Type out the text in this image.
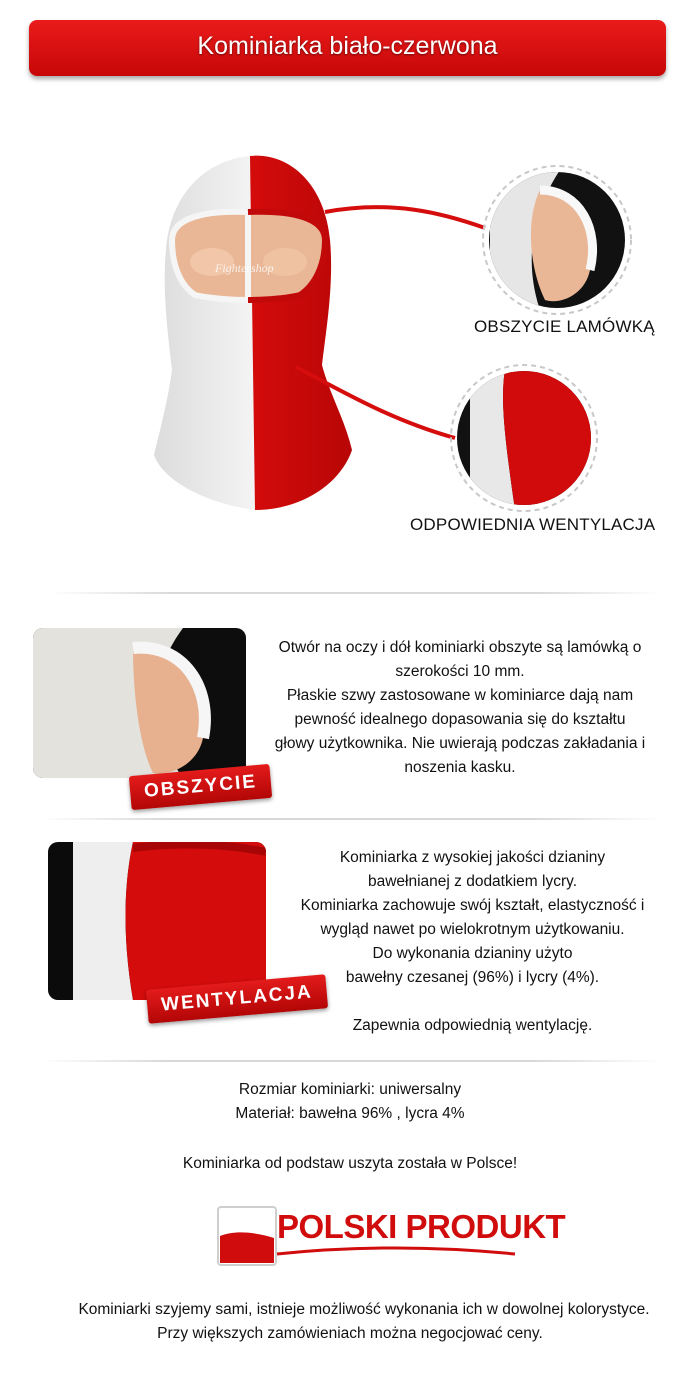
Kominiarka biało-czerwona
Fightershop
OBSZYCIE LAMÓWKĄ
ODPOWIEDNIA WENTYLACJA
OBSZYCIE

Otwór na oczy i dół kominiarki obszyte są lamówką o

szerokości 10 mm.

Płaskie szwy zastosowane w kominiarce dają nam

pewność idealnego dopasowania się do kształtu

głowy użytkownika. Nie uwierają podczas zakładania i

noszenia kasku.

WENTYLACJA

Kominiarka z wysokiej jakości dzianiny

bawełnianej z dodatkiem lycry.

Kominiarka zachowuje swój kształt, elastyczność i

wygląd nawet po wielokrotnym użytkowaniu.

Do wykonania dzianiny użyto

bawełny czesanej (96%) i lycry (4%).

Zapewnia odpowiednią wentylację.

Rozmiar kominiarki: uniwersalny
Materiał: bawełna 96% , lycra 4%
Kominiarka od podstaw uszyta została w Polsce!
POLSKI PRODUKT
Kominiarki szyjemy sami, istnieje możliwość wykonania ich w dowolnej kolorystyce.
Przy większych zamówieniach można negocjować ceny.
